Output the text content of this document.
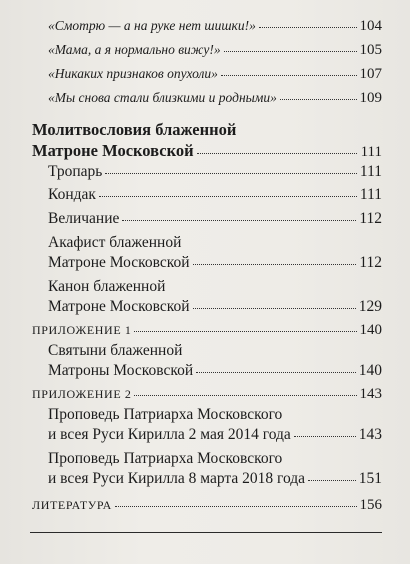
«Смотрю — а на руке нет шишки!»	104
«Мама, а я нормально вижу!»	105
«Никаких признаков опухоли»	107
«Мы снова стали близкими и родными»	109
Молитвословия блаженной
Матроне Московской	111
Тропарь	111
Кондак	111
Величание	112
Акафист блаженной
Матроне Московской	112
Канон блаженной
Матроне Московской	129
ПРИЛОЖЕНИЕ 1	140
Святыни блаженной
Матроны Московской	140
ПРИЛОЖЕНИЕ 2	143
Проповедь Патриарха Московского
и всея Руси Кирилла 2 мая 2014 года	143
Проповедь Патриарха Московского
и всея Руси Кирилла 8 марта 2018 года	151
ЛИТЕРАТУРА	156
